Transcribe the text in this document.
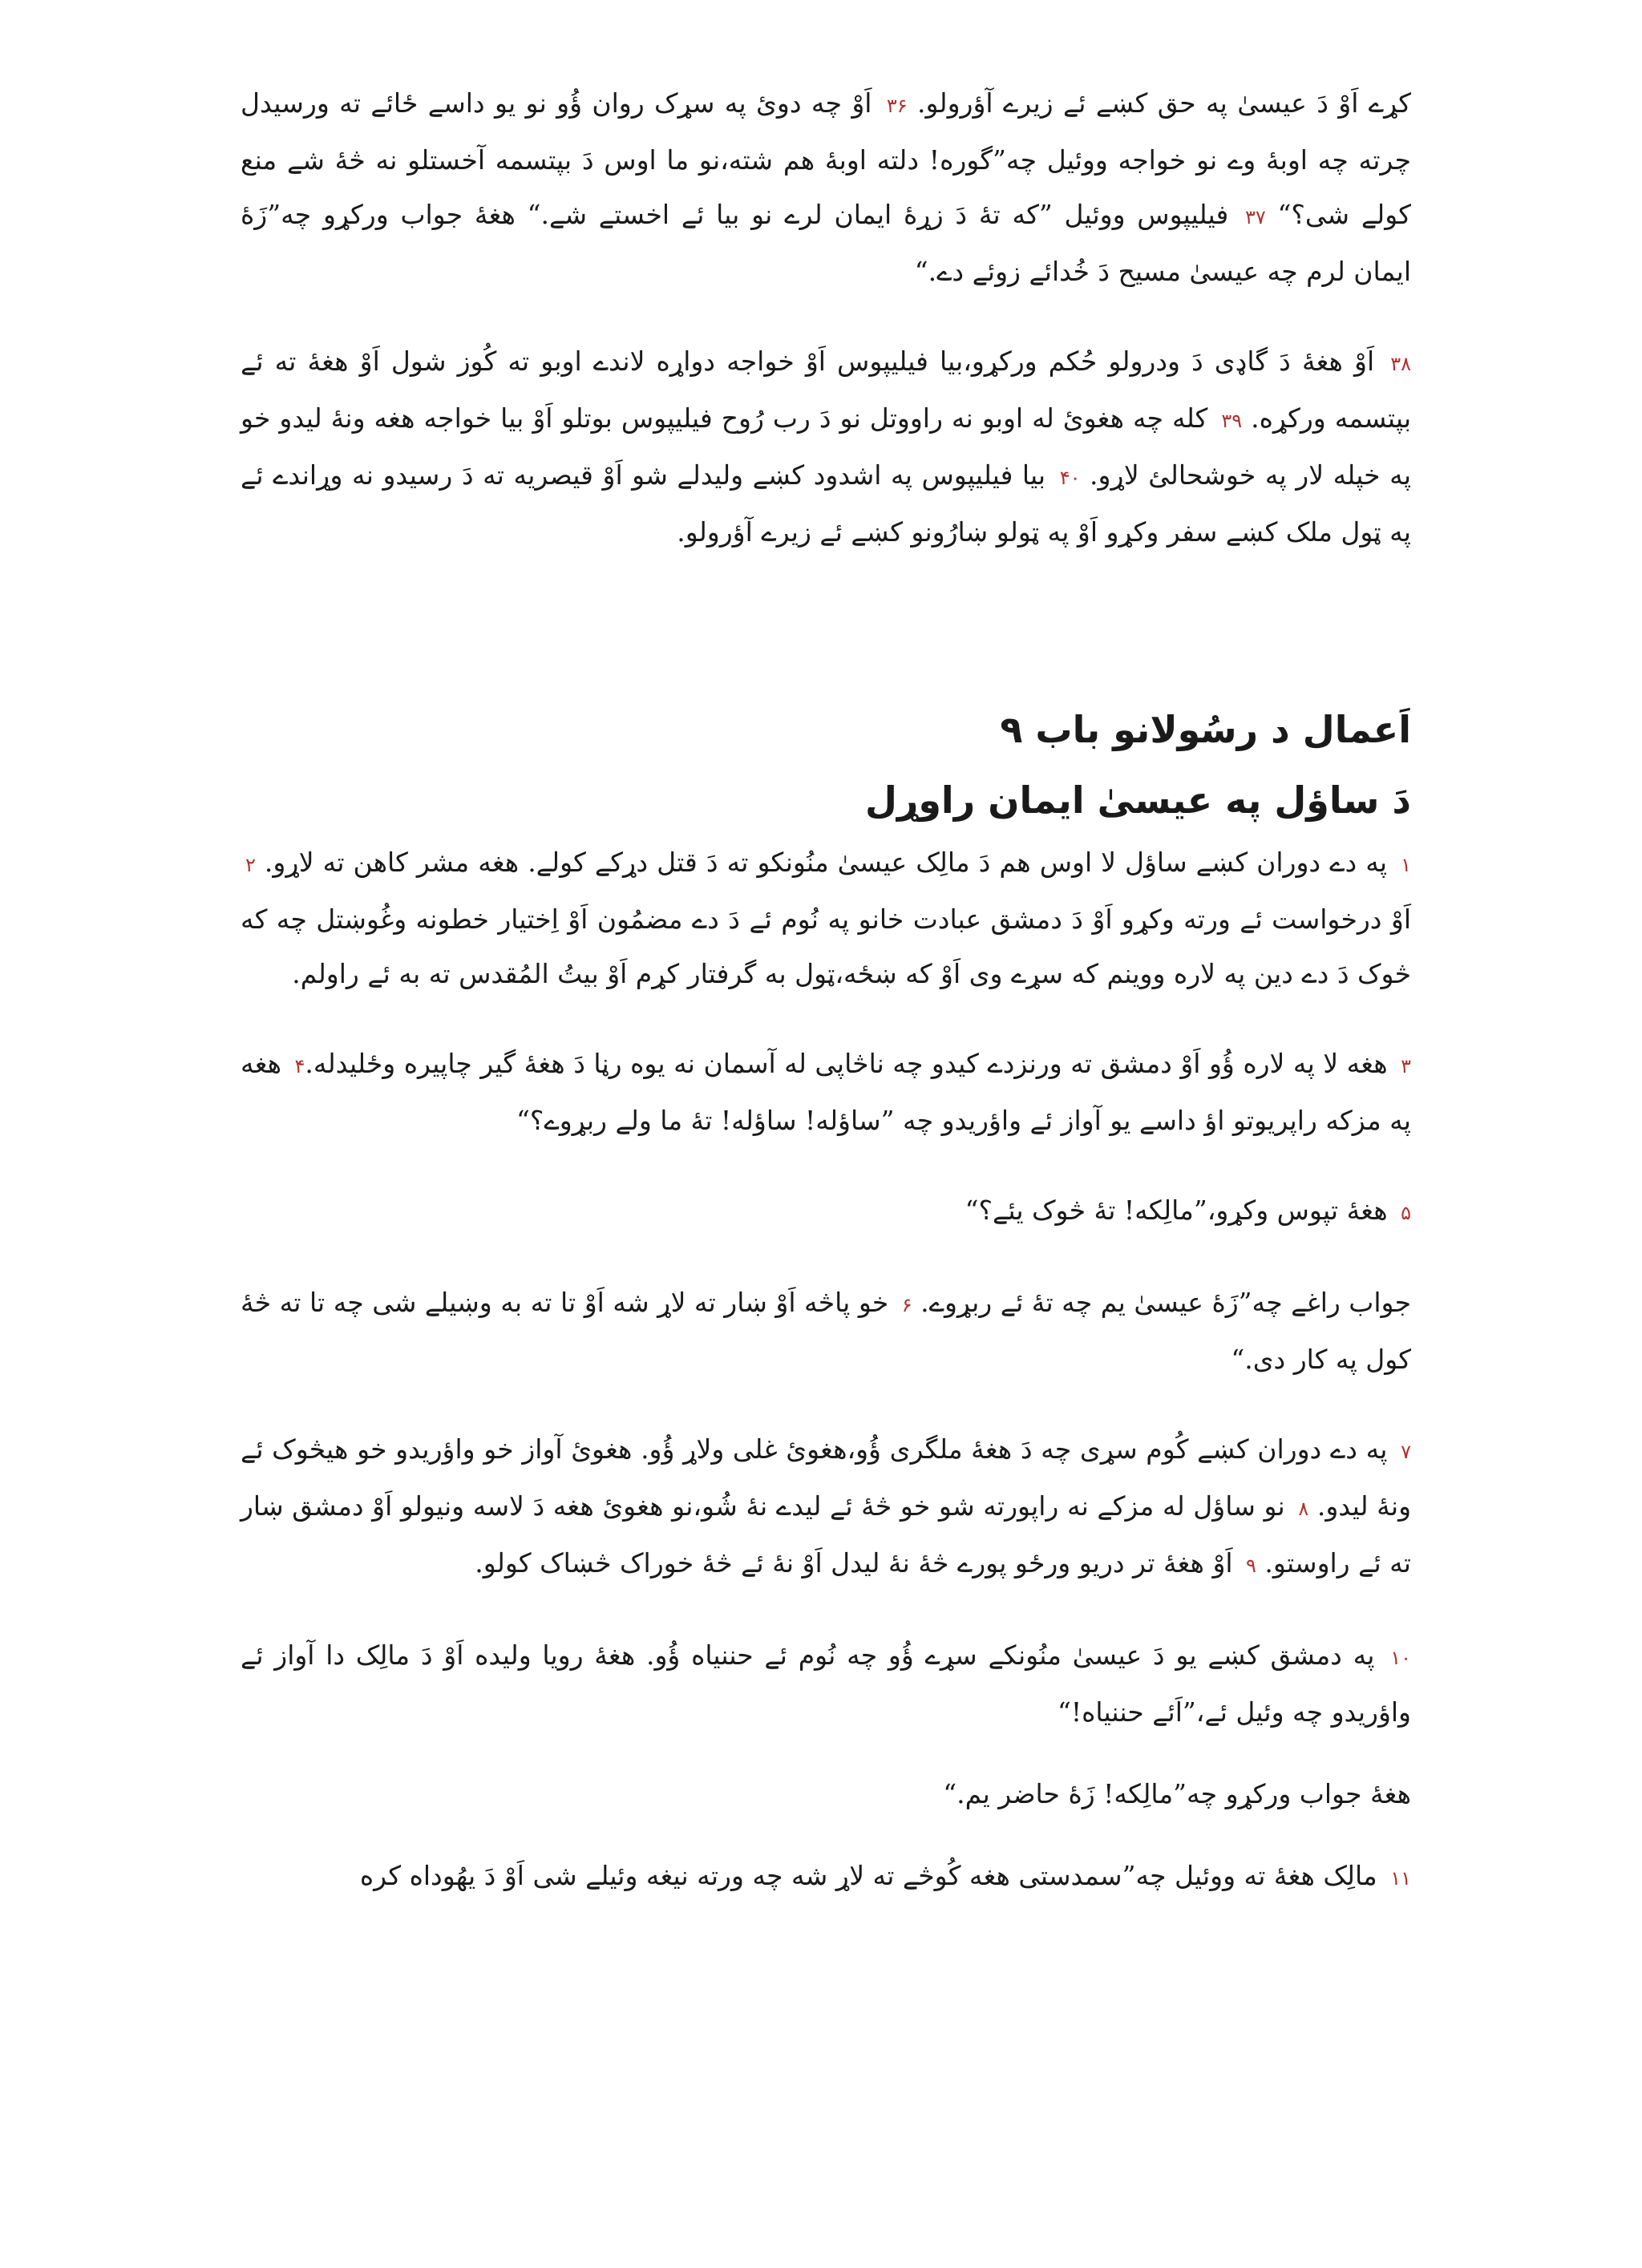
کړے اَوْ دَ عيسىٰ په حق کښے ئے زيرے آؤرولو. ۳۶ اَوْ چه دوئ په سړک روان ؤُو نو يو داسے ځائے ته ورسيدل چرته چه اوبۀ وے نو خواجه ووئيل چه”گوره! دلته اوبۀ هم شته،نو ما اوس دَ بپتسمه آخستلو نه څۀ شے منع کولے شی؟“ ۳۷ فيليپوس ووئيل ”که تۀ دَ زړۀ ايمان لرے نو بيا ئے اخستے شے.“ هغۀ جواب ورکړو چه”زَۀ ايمان لرم چه عيسىٰ مسيح دَ خُدائے زوئے دے.“

۳۸ اَوْ هغۀ دَ گاډی دَ ودرولو حُکم ورکړو،بيا فيليپوس اَوْ خواجه دواړه لاندے اوبو ته کُوز شول اَوْ هغۀ ته ئے بپتسمه ورکړه. ۳۹ کله چه هغوئ له اوبو نه راووتل نو دَ رب رُوح فيليپوس بوتلو اَوْ بيا خواجه هغه ونۀ ليدو خو په خپله لار په خوشحالئ لاړو. ۴۰ بيا فيليپوس په اشدود کښے وليدلے شو اَوْ قيصريه ته دَ رسيدو نه وړاندے ئے په ټول ملک کښے سفر وکړو اَوْ په ټولو ښارُونو کښے ئے زيرے آؤرولو.

اَعمال د رسُولانو باب ۹
دَ ساؤل په عيسىٰ ايمان راوړل

۱ په دے دوران کښے ساؤل لا اوس هم دَ مالِک عيسىٰ منُونکو ته دَ قتل دړکے کولے. هغه مشر کاهن ته لاړو. ۲ اَوْ درخواست ئے ورته وکړو اَوْ دَ دمشق عبادت خانو په نُوم ئے دَ دے مضمُون اَوْ اِختيار خطونه وغُوښتل چه که څوک دَ دے دين په لاره ووينم که سړے وی اَوْ که ښځه،ټول به گرفتار کړم اَوْ بيتُ المُقدس ته به ئے راولم.

۳ هغه لا په لاره ؤُو اَوْ دمشق ته ورنزدے کيدو چه ناڅاپى له آسمان نه يوه رڼا دَ هغۀ گير چاپيره وځليدله.۴ هغه په مزکه راپريوتو اؤ داسے يو آواز ئے واؤريدو چه ”ساؤله! ساؤله! تۀ ما ولے ربړوے؟“

۵ هغۀ تپوس وکړو،”مالِکه! تۀ څوک يئے؟“

جواب راغے چه”زَۀ عيسىٰ يم چه تۀ ئے ربړوے. ۶ خو پاڅه اَوْ ښار ته لاړ شه اَوْ تا ته به وښيلے شی چه تا ته څۀ کول په کار دی.“

۷ په دے دوران کښے کُوم سړی چه دَ هغۀ ملگری ؤُو،هغوئ غلی ولاړ ؤُو. هغوئ آواز خو واؤريدو خو هيڅوک ئے ونۀ ليدو. ۸ نو ساؤل له مزکے نه راپورته شو خو څۀ ئے ليدے نۀ شُو،نو هغوئ هغه دَ لاسه ونيولو اَوْ دمشق ښار ته ئے راوستو. ۹ اَوْ هغۀ تر دريو ورځو پورے څۀ نۀ ليدل اَوْ نۀ ئے څۀ خوراک څښاک کولو.

۱۰ په دمشق کښے يو دَ عيسىٰ منُونکے سړے ؤُو چه نُوم ئے حننياه ؤُو. هغۀ رويا وليده اَوْ دَ مالِک دا آواز ئے واؤريدو چه وئيل ئے،”اَئے حننياه!“

هغۀ جواب ورکړو چه”مالِکه! زَۀ حاضر يم.“

۱۱ مالِک هغۀ ته ووئيل چه”سمدستی هغه کُوڅے ته لاړ شه چه ورته نيغه وئيلے شی اَوْ دَ يهُوداه کره
